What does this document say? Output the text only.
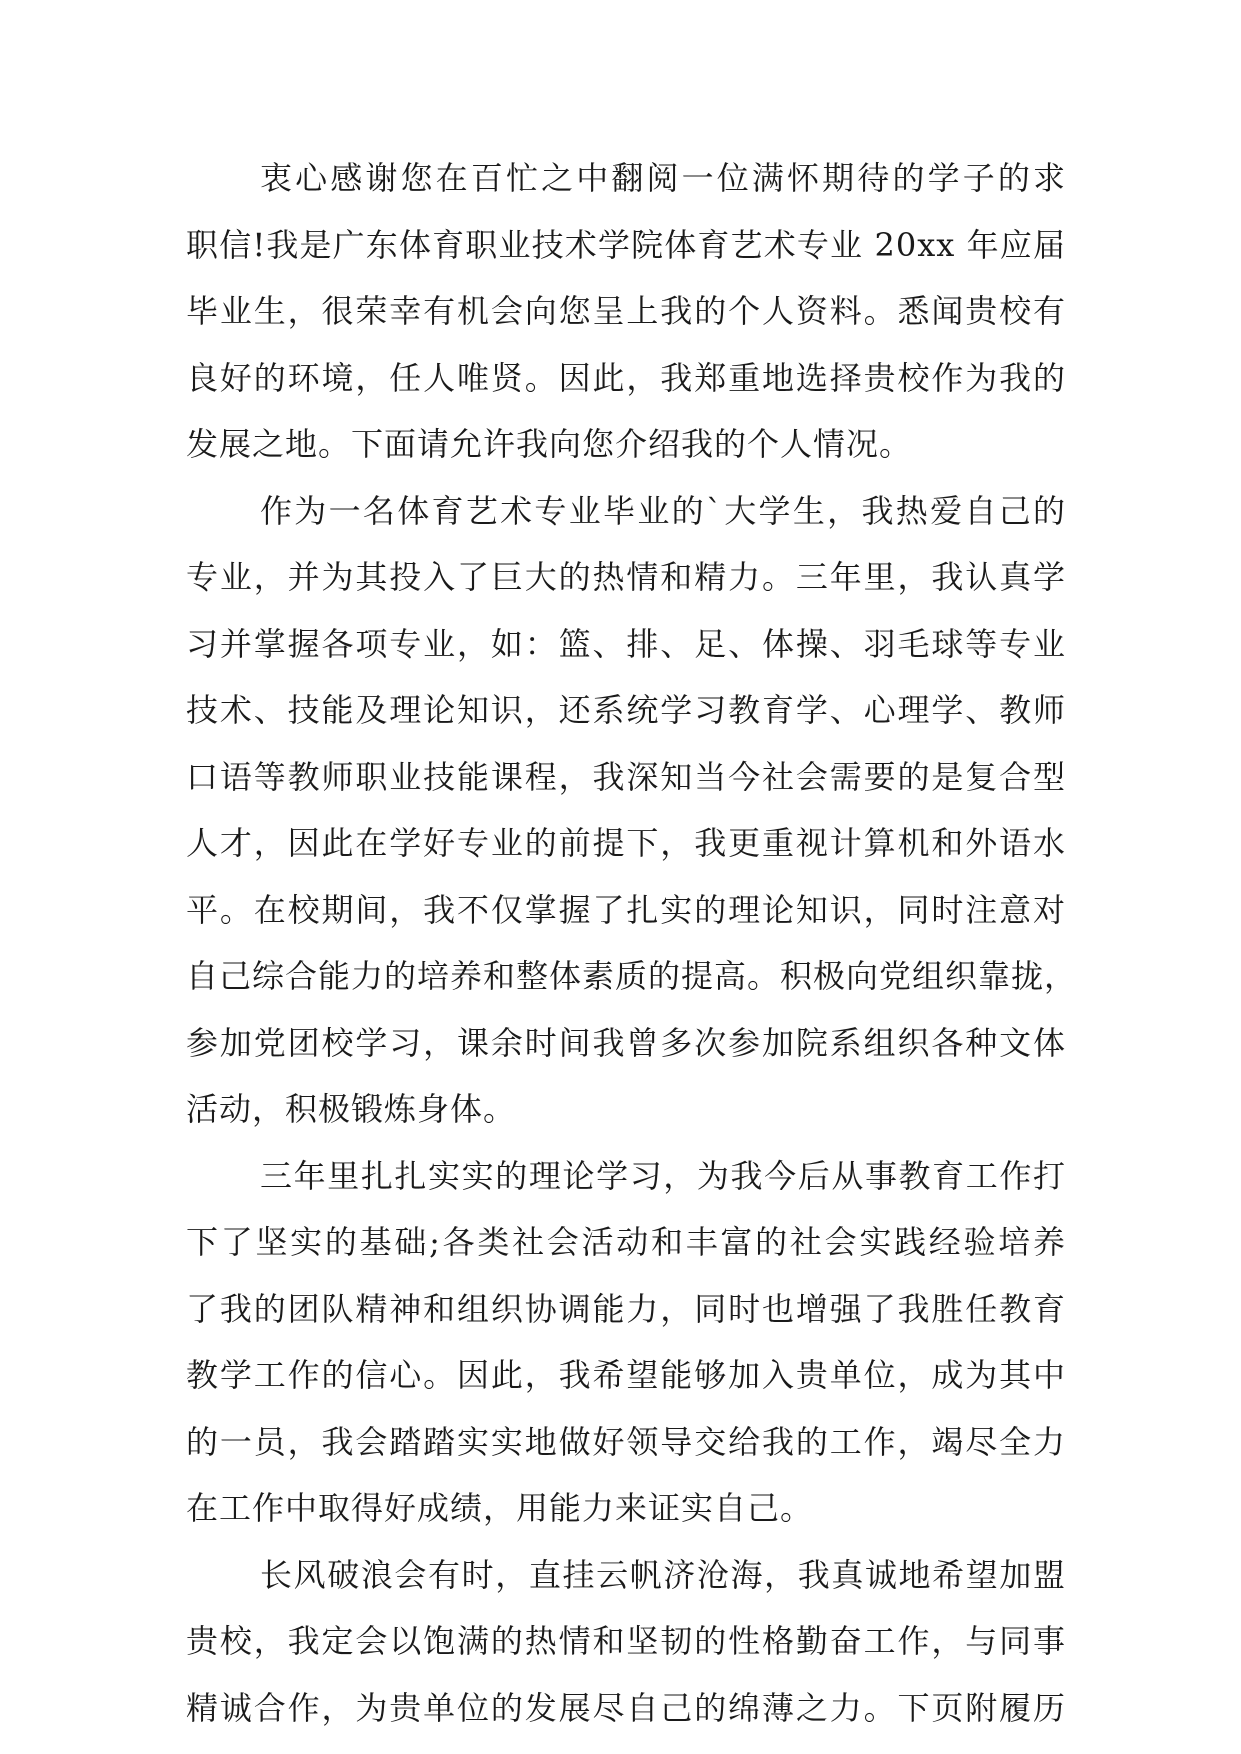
衷心感谢您在百忙之中翻阅一位满怀期待的学子的求
职信!我是广东体育职业技术学院体育艺术专业 20xx 年应届
毕业生，很荣幸有机会向您呈上我的个人资料。悉闻贵校有
良好的环境，任人唯贤。因此，我郑重地选择贵校作为我的
发展之地。下面请允许我向您介绍我的个人情况。
作为一名体育艺术专业毕业的`大学生，我热爱自己的
专业，并为其投入了巨大的热情和精力。三年里，我认真学
习并掌握各项专业，如：篮、排、足、体操、羽毛球等专业
技术、技能及理论知识，还系统学习教育学、心理学、教师
口语等教师职业技能课程，我深知当今社会需要的是复合型
人才，因此在学好专业的前提下，我更重视计算机和外语水
平。在校期间，我不仅掌握了扎实的理论知识，同时注意对
自己综合能力的培养和整体素质的提高。积极向党组织靠拢，
参加党团校学习，课余时间我曾多次参加院系组织各种文体
活动，积极锻炼身体。
三年里扎扎实实的理论学习，为我今后从事教育工作打
下了坚实的基础;各类社会活动和丰富的社会实践经验培养
了我的团队精神和组织协调能力，同时也增强了我胜任教育
教学工作的信心。因此，我希望能够加入贵单位，成为其中
的一员，我会踏踏实实地做好领导交给我的工作，竭尽全力
在工作中取得好成绩，用能力来证实自己。
长风破浪会有时，直挂云帆济沧海，我真诚地希望加盟
贵校，我定会以饱满的热情和坚韧的性格勤奋工作，与同事
精诚合作，为贵单位的发展尽自己的绵薄之力。下页附履历
